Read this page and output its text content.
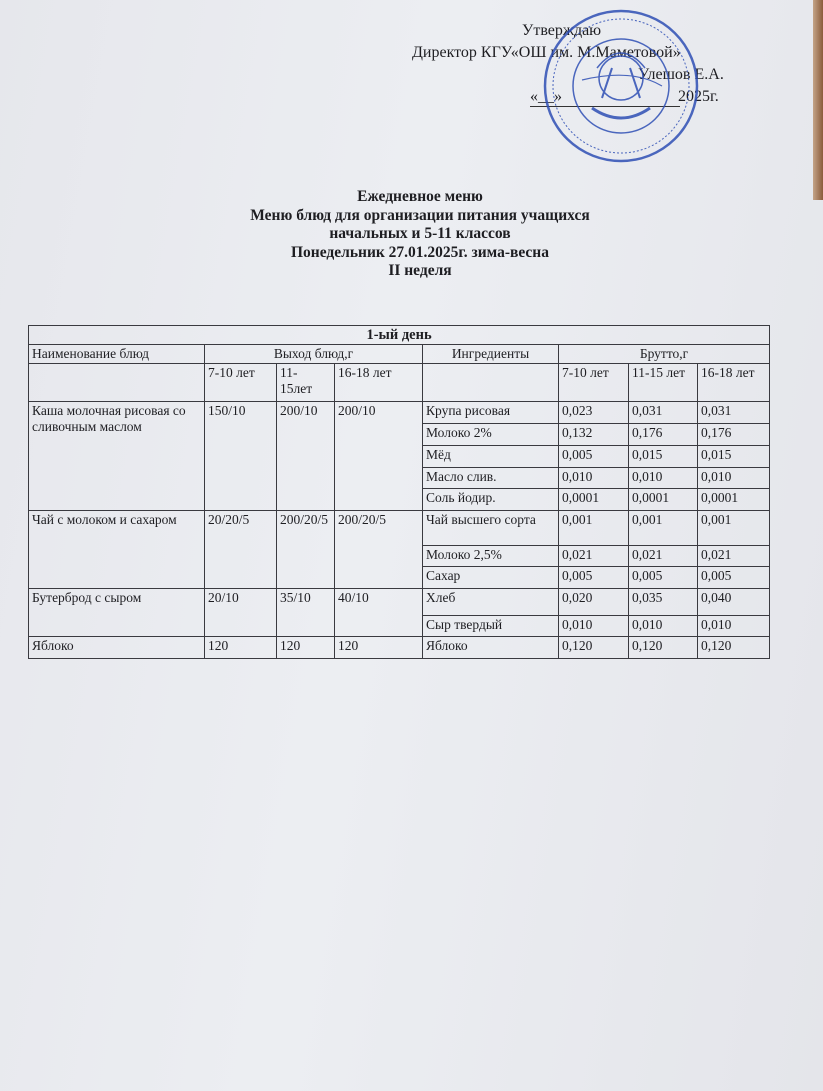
Утверждаю
Директор КГУ«ОШ им. М.Маметовой»
Улешов Е.А.
«__»	2025г.
Ежедневное меню
Меню блюд для организации питания учащихся
начальных и 5-11 классов
Понедельник 27.01.2025г. зима-весна
II неделя
1-ый день							
Наименование блюд	Выход блюд,г			Ингредиенты	Брутто,г		
	7-10 лет	11- 15лет	16-18 лет		7-10 лет	11-15 лет	16-18 лет
Каша молочная рисовая со сливочным маслом	150/10	200/10	200/10	Крупа рисовая	0,023	0,031	0,031
				Молоко 2%	0,132	0,176	0,176
				Мёд	0,005	0,015	0,015
				Масло слив.	0,010	0,010	0,010
				Соль йодир.	0,0001	0,0001	0,0001
Чай с молоком и сахаром	20/20/5	200/20/5	200/20/5	Чай высшего сорта	0,001	0,001	0,001
				Молоко 2,5%	0,021	0,021	0,021
				Сахар	0,005	0,005	0,005
Бутерброд с сыром	20/10	35/10	40/10	Хлеб	0,020	0,035	0,040
				Сыр твердый	0,010	0,010	0,010
Яблоко	120	120	120	Яблоко	0,120	0,120	0,120
